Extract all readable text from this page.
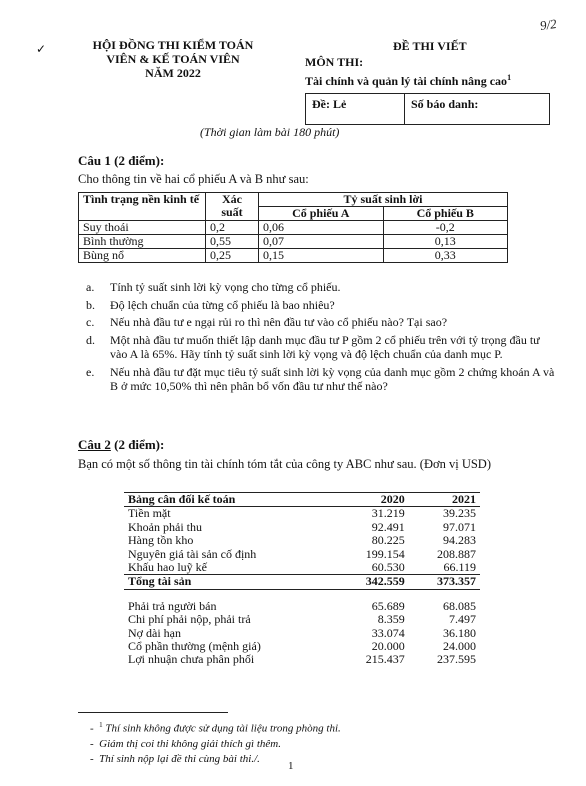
✓	HỘI ĐỒNG THI KIỂM TOÁN
VIÊN & KẾ TOÁN VIÊN
NĂM 2022
9/2
ĐỀ THI VIẾT
MÔN THI:
Tài chính và quản lý tài chính nâng cao$^1$
Đề: Lẻ	Số báo danh:
(Thời gian làm bài 180 phút)
Câu 1 (2 điểm):
Cho thông tin về hai cổ phiếu A và B như sau:
Tình trạng nền kinh tế	Xác suất	Tỷ suất sinh lời	
		Cổ phiếu A	Cổ phiếu B
Suy thoái	0,2	0,06	-0,2
Bình thường	0,55	0,07	0,13
Bùng nổ	0,25	0,15	0,33
a.	Tính tỷ suất sinh lời kỳ vọng cho từng cổ phiếu.
b.	Độ lệch chuẩn của từng cổ phiếu là bao nhiêu?
c.	Nếu nhà đầu tư e ngại rủi ro thì nên đầu tư vào cổ phiếu nào? Tại sao?
d.	Một nhà đầu tư muốn thiết lập danh mục đầu tư P gồm 2 cổ phiếu trên với tỷ trọng đầu tư vào A là 65%. Hãy tính tỷ suất sinh lời kỳ vọng và độ lệch chuẩn của danh mục P.
e.	Nếu nhà đầu tư đặt mục tiêu tỷ suất sinh lời kỳ vọng của danh mục gồm 2 chứng khoán A và B ở mức 10,50% thì nên phân bổ vốn đầu tư như thế nào?
Câu 2 (2 điểm):
Bạn có một số thông tin tài chính tóm tắt của công ty ABC như sau. (Đơn vị USD)
Bảng cân đối kế toán	2020	2021
Tiền mặt	31.219	39.235
Khoản phải thu	92.491	97.071
Hàng tồn kho	80.225	94.283
Nguyên giá tài sản cố định	199.154	208.887
Khấu hao luỹ kế	60.530	66.119
Tổng tài sản	342.559	373.357

Phải trả người bán	65.689	68.085
Chi phí phải nộp, phải trả	8.359	7.497
Nợ dài hạn	33.074	36.180
Cổ phần thường (mệnh giá)	20.000	24.000
Lợi nhuận chưa phân phối	215.437	237.595
-  $^1$ Thí sinh không được sử dụng tài liệu trong phòng thi.
-  Giám thị coi thi không giải thích gì thêm.
-  Thí sinh nộp lại đề thi cùng bài thi./.
1
